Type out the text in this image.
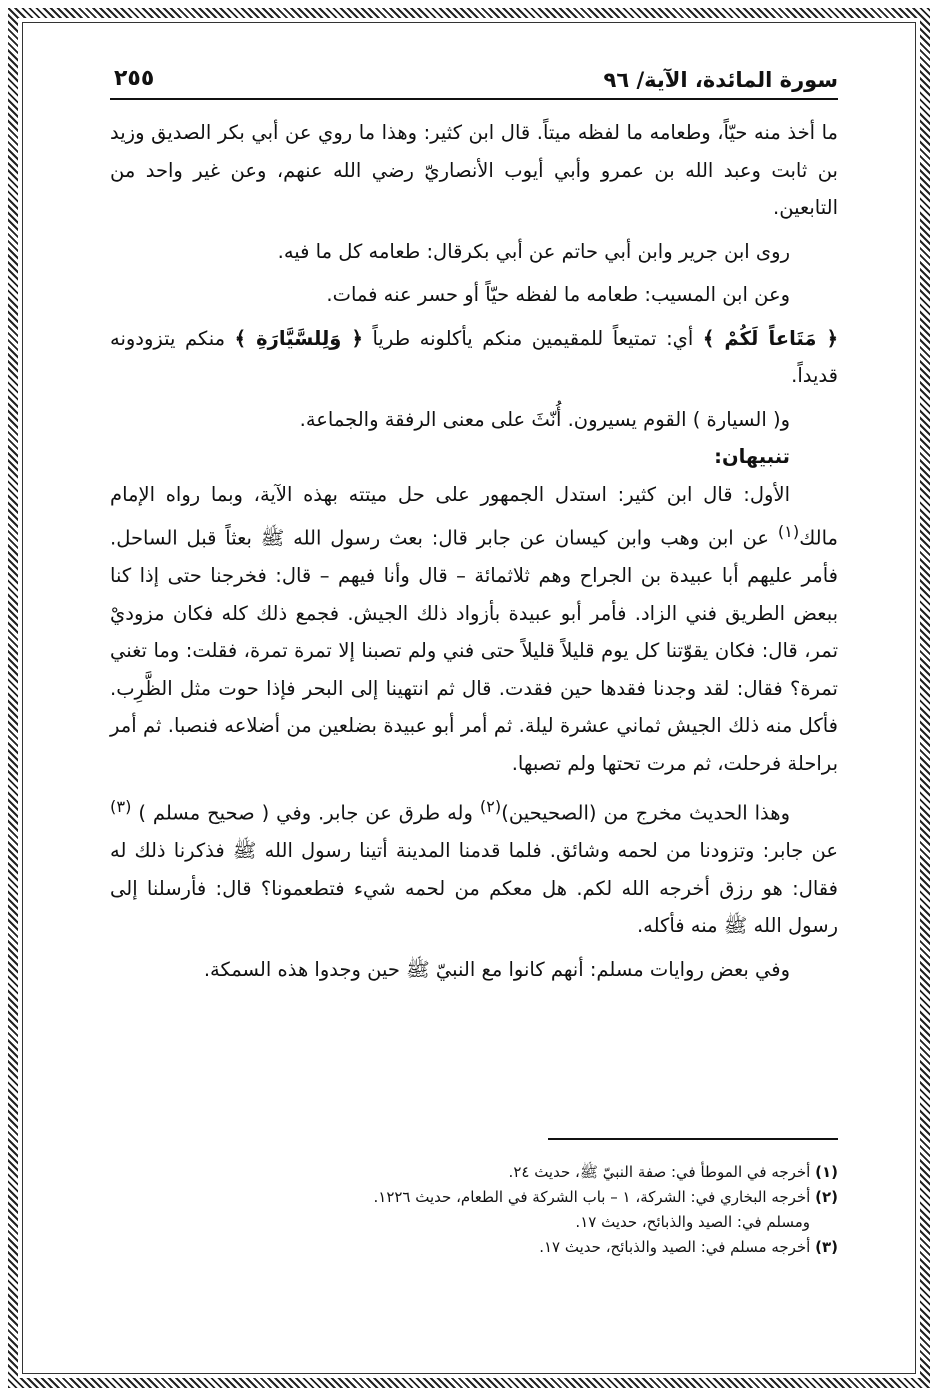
سورة المائدة، الآية/ ٩٦
٢٥٥

ما أخذ منه حيّاً، وطعامه ما لفظه ميتاً. قال ابن كثير: وهذا ما روي عن أبي بكر الصديق وزيد بن ثابت وعبد الله بن عمرو وأبي أيوب الأنصاريّ رضي الله عنهم، وعن غير واحد من التابعين.

روى ابن جرير وابن أبي حاتم عن أبي بكرقال: طعامه كل ما فيه.

وعن ابن المسيب: طعامه ما لفظه حيّاً أو حسر عنه فمات.

﴿ مَتَاعاً لَكُمْ ﴾ أي: تمتيعاً للمقيمين منكم يأكلونه طرياً ﴿ وَلِلسَّيَّارَةِ ﴾ منكم يتزودونه قديداً.

و( السيارة ) القوم يسيرون. أُنّثَ على معنى الرفقة والجماعة.

تنبيهان:

الأول: قال ابن كثير: استدل الجمهور على حل ميتته بهذه الآية، وبما رواه الإمام مالك$^{(١)}$ عن ابن وهب وابن كيسان عن جابر قال: بعث رسول الله ﷺ بعثاً قبل الساحل. فأمر عليهم أبا عبيدة بن الجراح وهم ثلاثمائة – قال وأنا فيهم – قال: فخرجنا حتى إذا كنا ببعض الطريق فني الزاد. فأمر أبو عبيدة بأزواد ذلك الجيش. فجمع ذلك كله فكان مزوديْ تمر، قال: فكان يقوّتنا كل يوم قليلاً قليلاً حتى فني ولم تصبنا إلا تمرة تمرة، فقلت: وما تغني تمرة؟ فقال: لقد وجدنا فقدها حين فقدت. قال ثم انتهينا إلى البحر فإذا حوت مثل الظَّرِب. فأكل منه ذلك الجيش ثماني عشرة ليلة. ثم أمر أبو عبيدة بضلعين من أضلاعه فنصبا. ثم أمر براحلة فرحلت، ثم مرت تحتها ولم تصبها.

وهذا الحديث مخرج من (الصحيحين)$^{(٢)}$ وله طرق عن جابر. وفي ( صحيح مسلم ) $^{(٣)}$ عن جابر: وتزودنا من لحمه وشائق. فلما قدمنا المدينة أتينا رسول الله ﷺ فذكرنا ذلك له فقال: هو رزق أخرجه الله لكم. هل معكم من لحمه شيء فتطعمونا؟ قال: فأرسلنا إلى رسول الله ﷺ منه فأكله.

وفي بعض روايات مسلم: أنهم كانوا مع النبيّ ﷺ حين وجدوا هذه السمكة.

(١) أخرجه في الموطأ في: صفة النبيّ ﷺ، حديث ٢٤.

(٢) أخرجه البخاري في: الشركة، ١ – باب الشركة في الطعام، حديث ١٢٢٦.

ومسلم في: الصيد والذبائح، حديث ١٧.

(٣) أخرجه مسلم في: الصيد والذبائح، حديث ١٧.
